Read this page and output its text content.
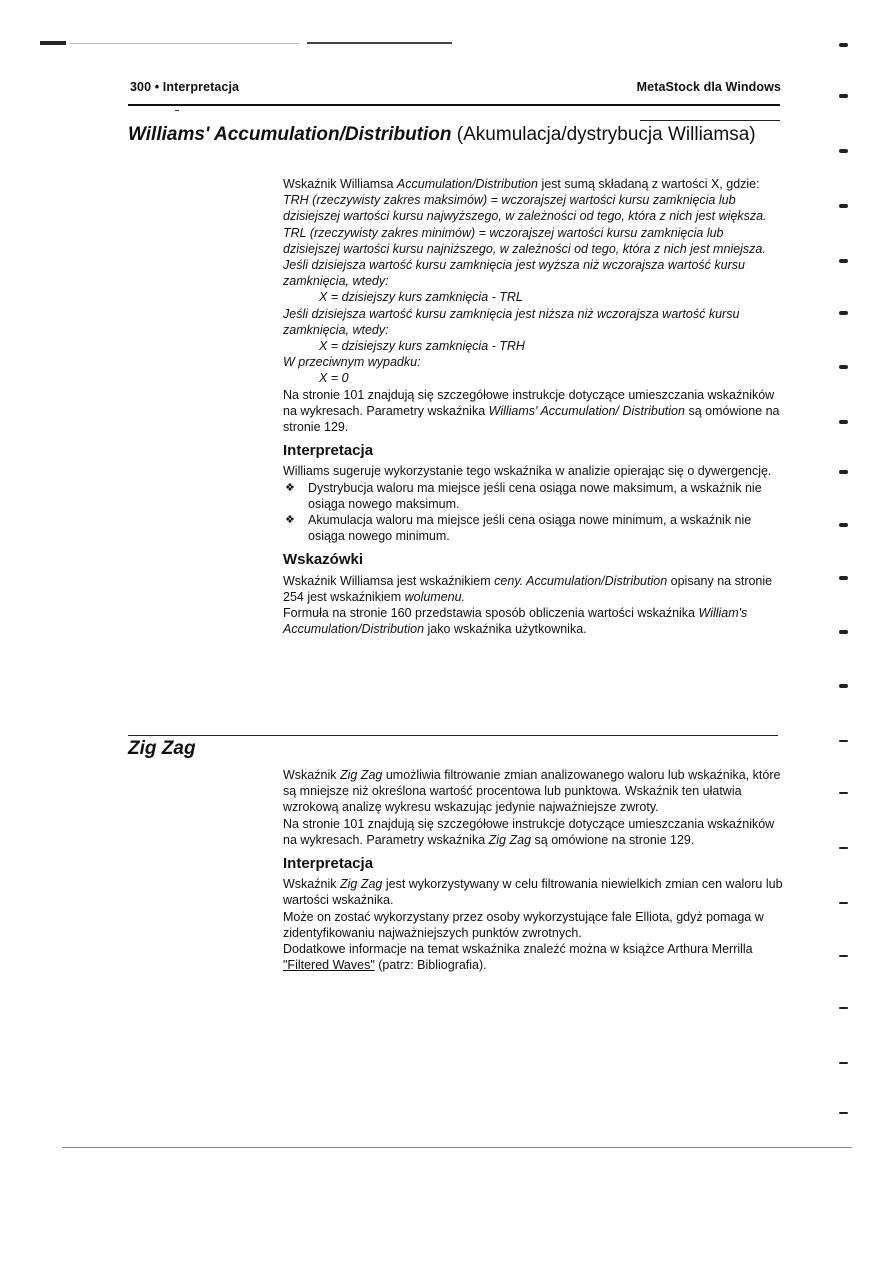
300 • Interpretacja	MetaStock dla Windows
Williams' Accumulation/Distribution (Akumulacja/dystrybucja Williamsa)

Wskaźnik Williamsa Accumulation/Distribution jest sumą składaną z wartości X, gdzie:

TRH (rzeczywisty zakres maksimów) = wczorajszej wartości kursu zamknięcia lub dzisiejszej wartości kursu najwyższego, w zależności od tego, która z nich jest większa.

TRL (rzeczywisty zakres minimów) = wczorajszej wartości kursu zamknięcia lub dzisiejszej wartości kursu najniższego, w zależności od tego, która z nich jest mniejsza.

Jeśli dzisiejsza wartość kursu zamknięcia jest wyższa niż wczorajsza wartość kursu zamknięcia, wtedy:

X = dzisiejszy kurs zamknięcia - TRL

Jeśli dzisiejsza wartość kursu zamknięcia jest niższa niż wczorajsza wartość kursu zamknięcia, wtedy:

X = dzisiejszy kurs zamknięcia - TRH

W przeciwnym wypadku:

X = 0

Na stronie 101 znajdują się szczegółowe instrukcje dotyczące umieszczania wskaźników na wykresach. Parametry wskaźnika Williams' Accumulation/ Distribution są omówione na stronie 129.

Interpretacja

Williams sugeruje wykorzystanie tego wskaźnika w analizie opierając się o dywergencję.

❖ Dystrybucja waloru ma miejsce jeśli cena osiąga nowe maksimum, a wskaźnik nie osiąga nowego maksimum.
❖ Akumulacja waloru ma miejsce jeśli cena osiąga nowe minimum, a wskaźnik nie osiąga nowego minimum.

Wskazówki

Wskaźnik Williamsa jest wskaźnikiem ceny. Accumulation/Distribution opisany na stronie 254 jest wskaźnikiem wolumenu.

Formuła na stronie 160 przedstawia sposób obliczenia wartości wskaźnika William's Accumulation/Distribution jako wskaźnika użytkownika.

Zig Zag

Wskaźnik Zig Zag umożliwia filtrowanie zmian analizowanego waloru lub wskaźnika, które są mniejsze niż określona wartość procentowa lub punktowa. Wskaźnik ten ułatwia wzrokową analizę wykresu wskazując jedynie najważniejsze zwroty.

Na stronie 101 znajdują się szczegółowe instrukcje dotyczące umieszczania wskaźników na wykresach. Parametry wskaźnika Zig Zag są omówione na stronie 129.

Interpretacja

Wskaźnik Zig Zag jest wykorzystywany w celu filtrowania niewielkich zmian cen waloru lub wartości wskaźnika.

Może on zostać wykorzystany przez osoby wykorzystujące fale Elliota, gdyż pomaga w zidentyfikowaniu najważniejszych punktów zwrotnych.

Dodatkowe informacje na temat wskaźnika znaleźć można w książce Arthura Merrilla "Filtered Waves" (patrz: Bibliografia).
